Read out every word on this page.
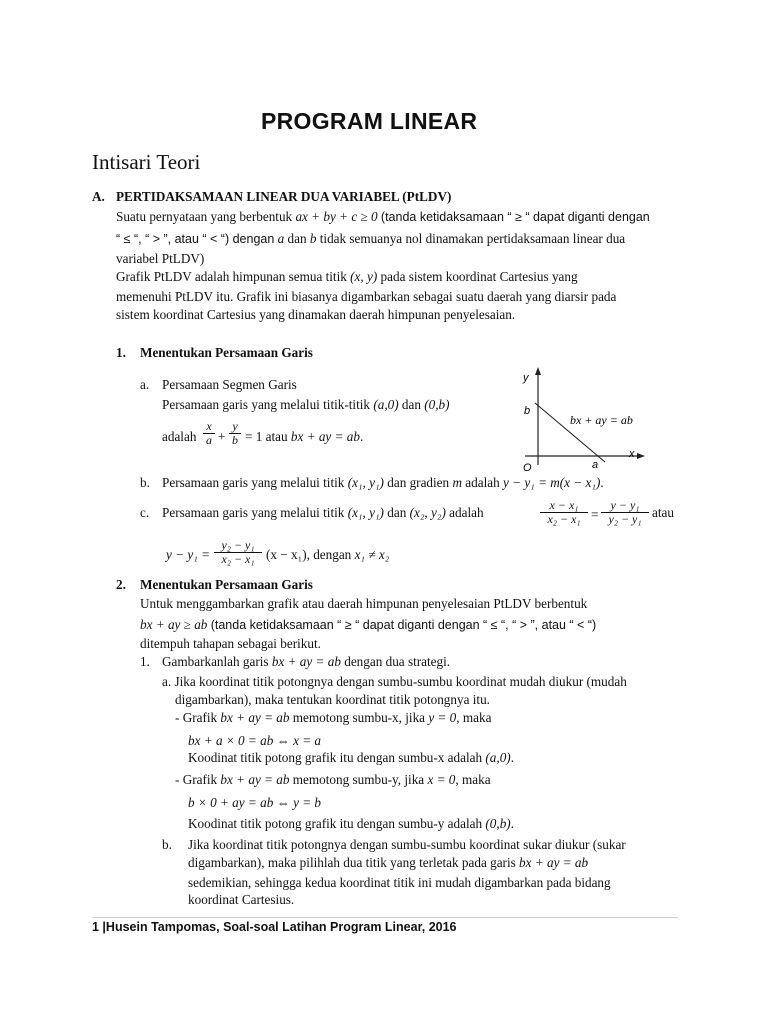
PROGRAM LINEAR
Intisari Teori
A. PERTIDAKSAMAAN LINEAR DUA VARIABEL (PtLDV)
Suatu pernyataan yang berbentuk ax + by + c ≥ 0 (tanda ketidaksamaan “ ≥ “ dapat diganti dengan
“ ≤ “, “ > ”, atau “ < “) dengan a dan b tidak semuanya nol dinamakan pertidaksamaan linear dua
variabel PtLDV)
Grafik PtLDV adalah himpunan semua titik (x, y) pada sistem koordinat Cartesius yang
memenuhi PtLDV itu. Grafik ini biasanya digambarkan sebagai suatu daerah yang diarsir pada
sistem koordinat Cartesius yang dinamakan daerah himpunan penyelesaian.
1. Menentukan Persamaan Garis
a. Persamaan Segmen Garis
Persamaan garis yang melalui titik-titik (a,0) dan (0,b)
adalah $\frac{x}{a} + \frac{y}{b} = 1$ atau bx + ay = ab.
y
b
x
O	a
bx + ay = ab
b. Persamaan garis yang melalui titik (x₁, y₁) dan gradien m adalah y − y₁ = m(x − x₁).
c. Persamaan garis yang melalui titik (x₁, y₁) dan (x₂, y₂) adalah	$\frac{\text{x − x₁}}{\text{x₂ − x₁}} = \frac{\text{y − y₁}}{\text{y₂ − y₁}}$ atau
$y - y_1 = \frac{\text{y₂ − y₁}}{\text{x₂ − x₁}} (x - x_1)$, dengan x₁ ≠ x₂
2. Menentukan Persamaan Garis
Untuk menggambarkan grafik atau daerah himpunan penyelesaian PtLDV berbentuk
bx + ay ≥ ab (tanda ketidaksamaan “ ≥ “ dapat diganti dengan “ ≤ “, “ > ”, atau “ < “)
ditempuh tahapan sebagai berikut.
1. Gambarkanlah garis bx + ay = ab dengan dua strategi.
a. Jika koordinat titik potongnya dengan sumbu-sumbu koordinat mudah diukur (mudah
digambarkan), maka tentukan koordinat titik potongnya itu.
- Grafik bx + ay = ab memotong sumbu-x, jika y = 0, maka
bx + a × 0 = ab ⇔ x = a
Koodinat titik potong grafik itu dengan sumbu-x adalah (a,0).
- Grafik bx + ay = ab memotong sumbu-y, jika x = 0, maka
b × 0 + ay = ab ⇔ y = b
Koodinat titik potong grafik itu dengan sumbu-y adalah (0,b).
b. Jika koordinat titik potongnya dengan sumbu-sumbu koordinat sukar diukur (sukar
digambarkan), maka pilihlah dua titik yang terletak pada garis bx + ay = ab
sedemikian, sehingga kedua koordinat titik ini mudah digambarkan pada bidang
koordinat Cartesius.
1 |Husein Tampomas, Soal-soal Latihan Program Linear, 2016
